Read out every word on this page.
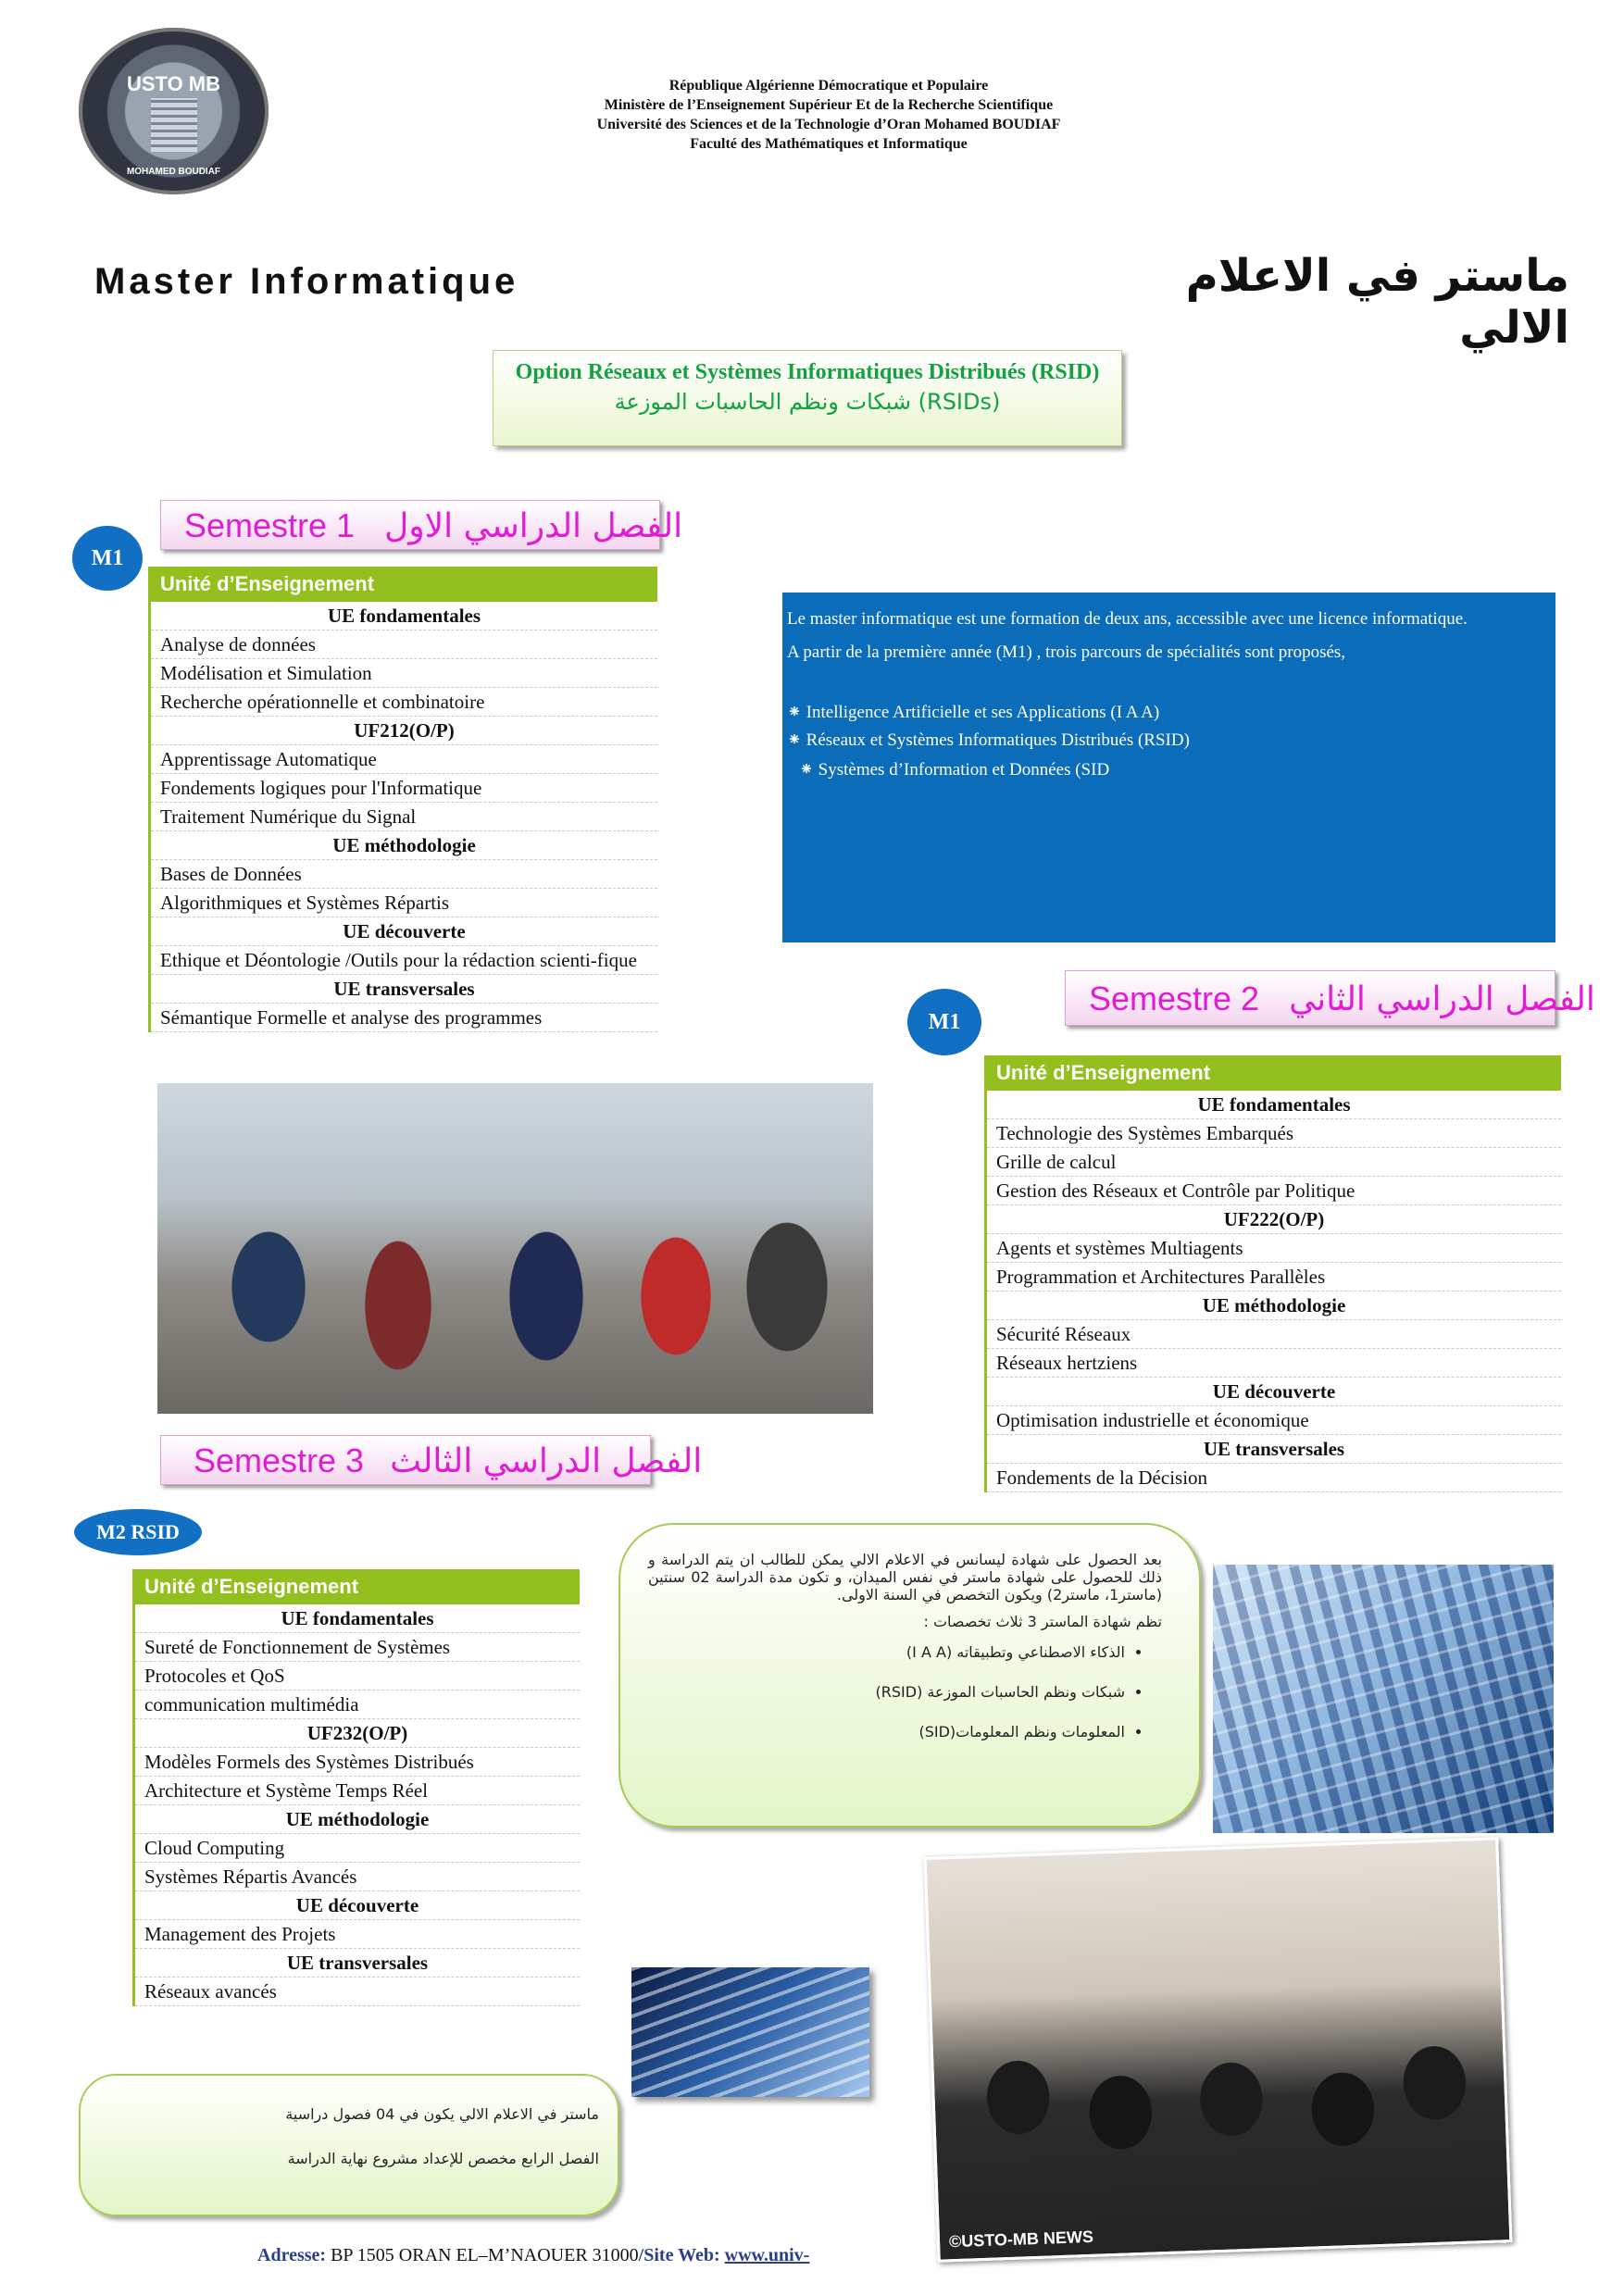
USTO MB
MOHAMED BOUDIAF
République Algérienne Démocratique et Populaire
Ministère de l’Enseignement Supérieur Et de la Recherche Scientifique
Université des Sciences et de la Technologie d’Oran Mohamed BOUDIAF
Faculté des Mathématiques et Informatique
Master Informatique	ماستر في الاعلام الالي
Option Réseaux et Systèmes Informatiques Distribués (RSID)
شبكات ونظم الحاسبات الموزعة (RSIDs)
Semestre 1 الفصل الدراسي الاول
M1
Unité d’Enseignement
UE fondamentales
Analyse de données
Modélisation et Simulation
Recherche opérationnelle et combinatoire
UF212(O/P)
Apprentissage Automatique
Fondements logiques pour l'Informatique
Traitement Numérique du Signal
UE méthodologie
Bases de Données
Algorithmiques et Systèmes Répartis
UE découverte
Ethique et Déontologie /Outils pour la rédaction scienti-fique
UE transversales
Sémantique Formelle et analyse des programmes

Le master informatique est une formation de deux ans, accessible avec une licence informatique.

A partir de la première année (M1) , trois parcours de spécialités sont proposés,

⁕ Intelligence Artificielle et ses Applications (I A A)

⁕ Réseaux et Systèmes Informatiques Distribués (RSID)

⁕ Systèmes d’Information et Données (SID

Semestre 2 الفصل الدراسي الثاني
M1
Unité d’Enseignement
UE fondamentales
Technologie des Systèmes Embarqués
Grille de calcul
Gestion des Réseaux et Contrôle par Politique
UF222(O/P)
Agents et systèmes Multiagents
Programmation et Architectures Parallèles
UE méthodologie
Sécurité Réseaux
Réseaux hertziens
UE découverte
Optimisation industrielle et économique
UE transversales
Fondements de la Décision
Semestre 3 الفصل الدراسي الثالث
M2 RSID
Unité d’Enseignement
UE fondamentales
Sureté de Fonctionnement de Systèmes
Protocoles et QoS
communication multimédia
UF232(O/P)
Modèles Formels des Systèmes Distribués
Architecture et Système Temps Réel
UE méthodologie
Cloud Computing
Systèmes Répartis Avancés
UE découverte
Management des Projets
UE transversales
Réseaux avancés

بعد الحصول على شهادة ليسانس في الاعلام الالي يمكن للطالب ان يتم الدراسة و ذلك للحصول على شهادة ماستر في نفس الميدان، و تكون مدة الدراسة 02 سنتين (ماستر1، ماستر2) ويكون التخصص في السنة الاولى.

تظم شهادة الماستر 3 ثلاث تخصصات :

• الذكاء الاصطناعي وتطبيقاته (I A A)
• شبكات ونظم الحاسبات الموزعة (RSID)
• المعلومات ونظم المعلومات(SID)
©USTO-MB NEWS
ماستر في الاعلام الالي يكون في 04 فصول دراسية
الفصل الرابع مخصص للإعداد مشروع نهاية الدراسة
Adresse: BP 1505 ORAN EL–M’NAOUER 31000/Site Web: www.univ-
